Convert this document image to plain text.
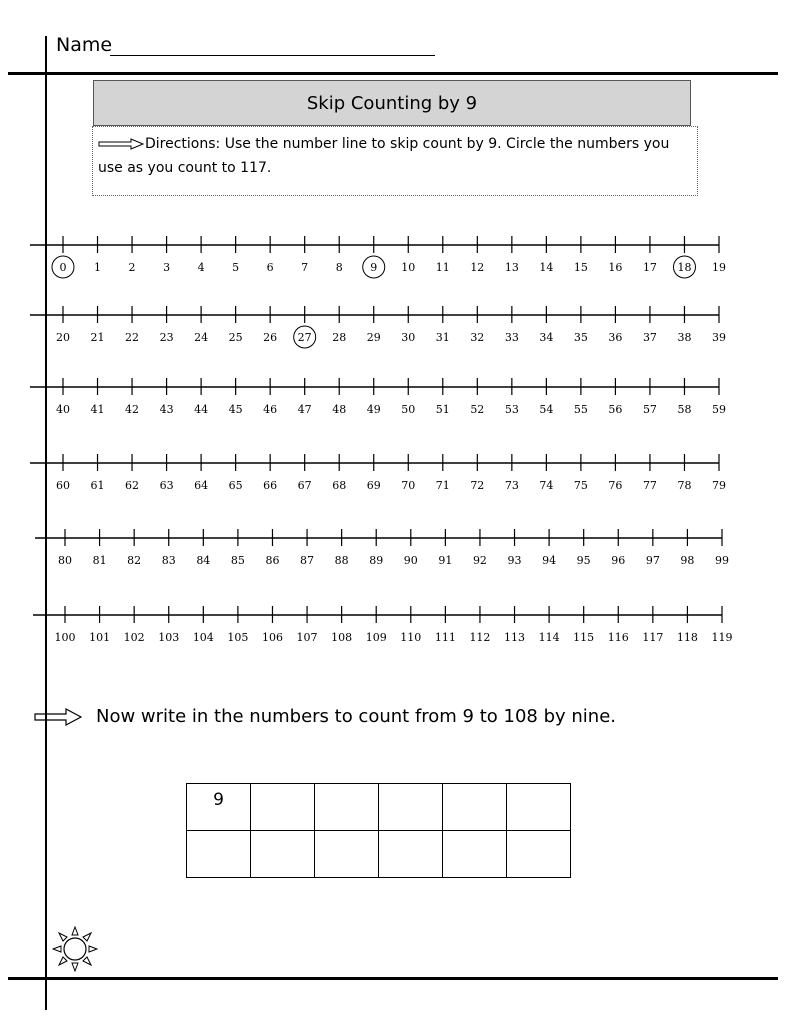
Name
Skip Counting by 9
Directions: Use the number line to skip count by 9. Circle the numbers you use as you count to 117.
0	1	2	3	4	5	6	7	8	9 10 11 12 13 14 15 16 17 18 19
20 21 22 23 24 25 26 27 28 29 30 31 32 33 34 35 36 37 38 39
40 41 42 43 44 45 46 47 48 49 50 51 52 53 54 55 56 57 58 59
60 61 62 63 64 65 66 67 68 69 70 71 72 73 74 75 76 77 78 79
80 81 82 83 84 85 86 87 88 89 90 91 92 93 94 95 96 97 98 99
100 101 102 103 104 105 106 107 108 109 110 111 112 113 114 115 116 117 118 119
Now write in the numbers to count from 9 to 108 by nine.
9					
